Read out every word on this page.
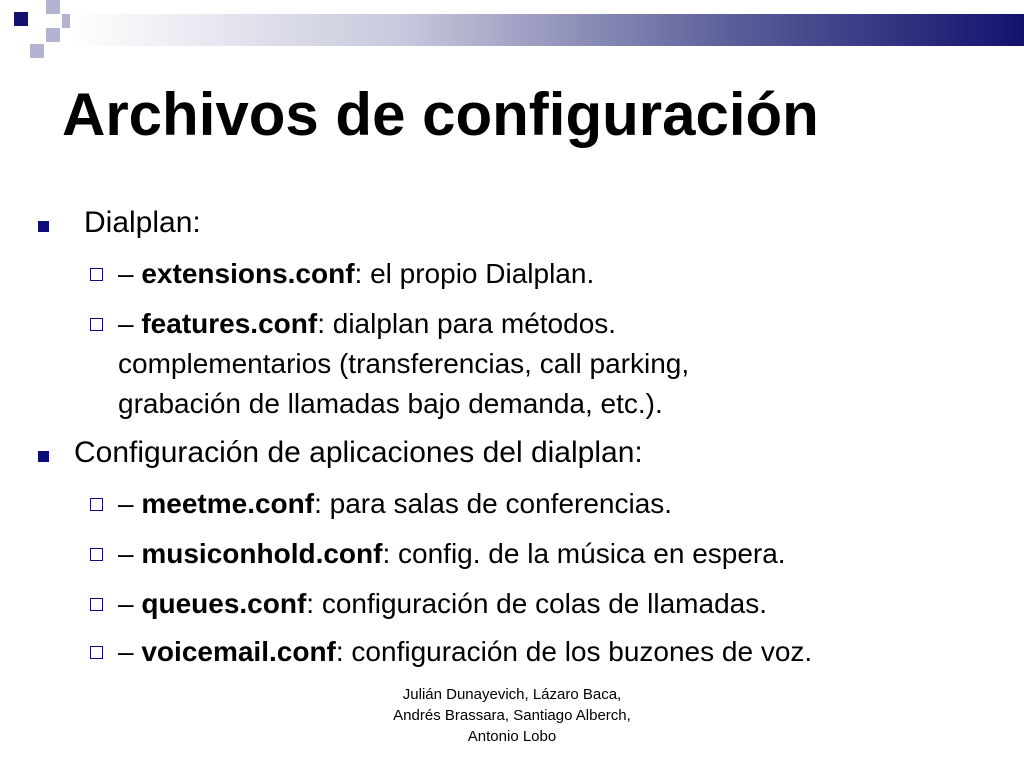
Archivos de configuración
Dialplan:
– extensions.conf: el propio Dialplan.
– features.conf: dialplan para métodos.
complementarios (transferencias, call parking,
grabación de llamadas bajo demanda, etc.).
Configuración de aplicaciones del dialplan:
– meetme.conf: para salas de conferencias.
– musiconhold.conf: config. de la música en espera.
– queues.conf: configuración de colas de llamadas.
– voicemail.conf: configuración de los buzones de voz.
Julián Dunayevich, Lázaro Baca,
Andrés Brassara, Santiago Alberch,
Antonio Lobo
